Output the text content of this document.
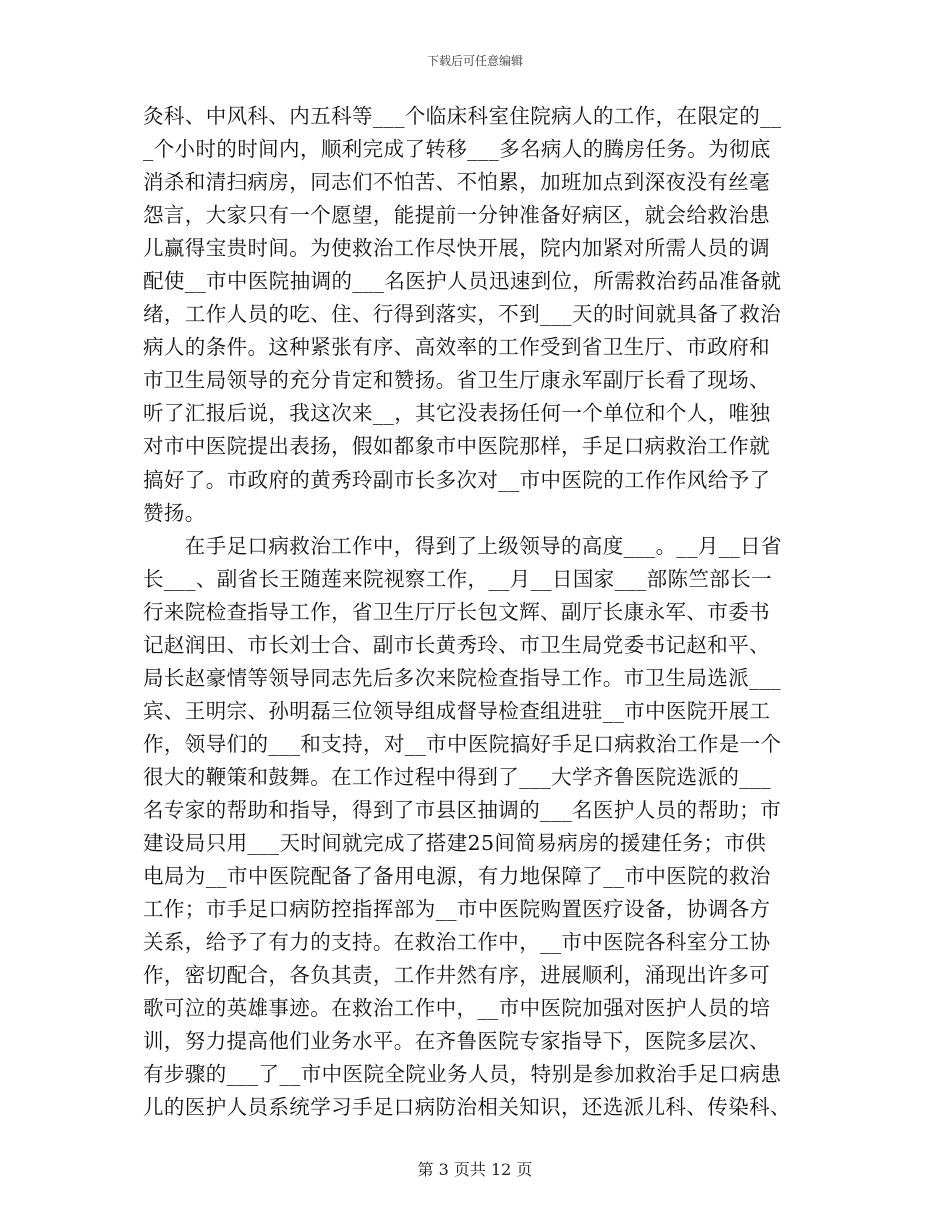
下载后可任意编辑
灸科、中风科、内五科等___个临床科室住院病人的工作，在限定的__
_个小时的时间内，顺利完成了转移___多名病人的腾房任务。为彻底
消杀和清扫病房，同志们不怕苦、不怕累，加班加点到深夜没有丝毫
怨言，大家只有一个愿望，能提前一分钟准备好病区，就会给救治患
儿赢得宝贵时间。为使救治工作尽快开展，院内加紧对所需人员的调
配使__市中医院抽调的___名医护人员迅速到位，所需救治药品准备就
绪，工作人员的吃、住、行得到落实，不到___天的时间就具备了救治
病人的条件。这种紧张有序、高效率的工作受到省卫生厅、市政府和
市卫生局领导的充分肯定和赞扬。省卫生厅康永军副厅长看了现场、
听了汇报后说，我这次来__，其它没表扬任何一个单位和个人，唯独
对市中医院提出表扬，假如都象市中医院那样，手足口病救治工作就
搞好了。市政府的黄秀玲副市长多次对__市中医院的工作作风给予了
赞扬。
　　在手足口病救治工作中，得到了上级领导的高度___。__月__日省
长___、副省长王随莲来院视察工作，__月__日国家___部陈竺部长一
行来院检查指导工作，省卫生厅厅长包文辉、副厅长康永军、市委书
记赵润田、市长刘士合、副市长黄秀玲、市卫生局党委书记赵和平、
局长赵豪情等领导同志先后多次来院检查指导工作。市卫生局选派___
宾、王明宗、孙明磊三位领导组成督导检查组进驻__市中医院开展工
作，领导们的___和支持，对__市中医院搞好手足口病救治工作是一个
很大的鞭策和鼓舞。在工作过程中得到了___大学齐鲁医院选派的___
名专家的帮助和指导，得到了市县区抽调的___名医护人员的帮助；市
建设局只用___天时间就完成了搭建25间简易病房的援建任务；市供
电局为__市中医院配备了备用电源，有力地保障了__市中医院的救治
工作；市手足口病防控指挥部为__市中医院购置医疗设备，协调各方
关系，给予了有力的支持。在救治工作中，__市中医院各科室分工协
作，密切配合，各负其责，工作井然有序，进展顺利，涌现出许多可
歌可泣的英雄事迹。在救治工作中，__市中医院加强对医护人员的培
训，努力提高他们业务水平。在齐鲁医院专家指导下，医院多层次、
有步骤的___了__市中医院全院业务人员，特别是参加救治手足口病患
儿的医护人员系统学习手足口病防治相关知识，还选派儿科、传染科、
第 3 页共 12 页
